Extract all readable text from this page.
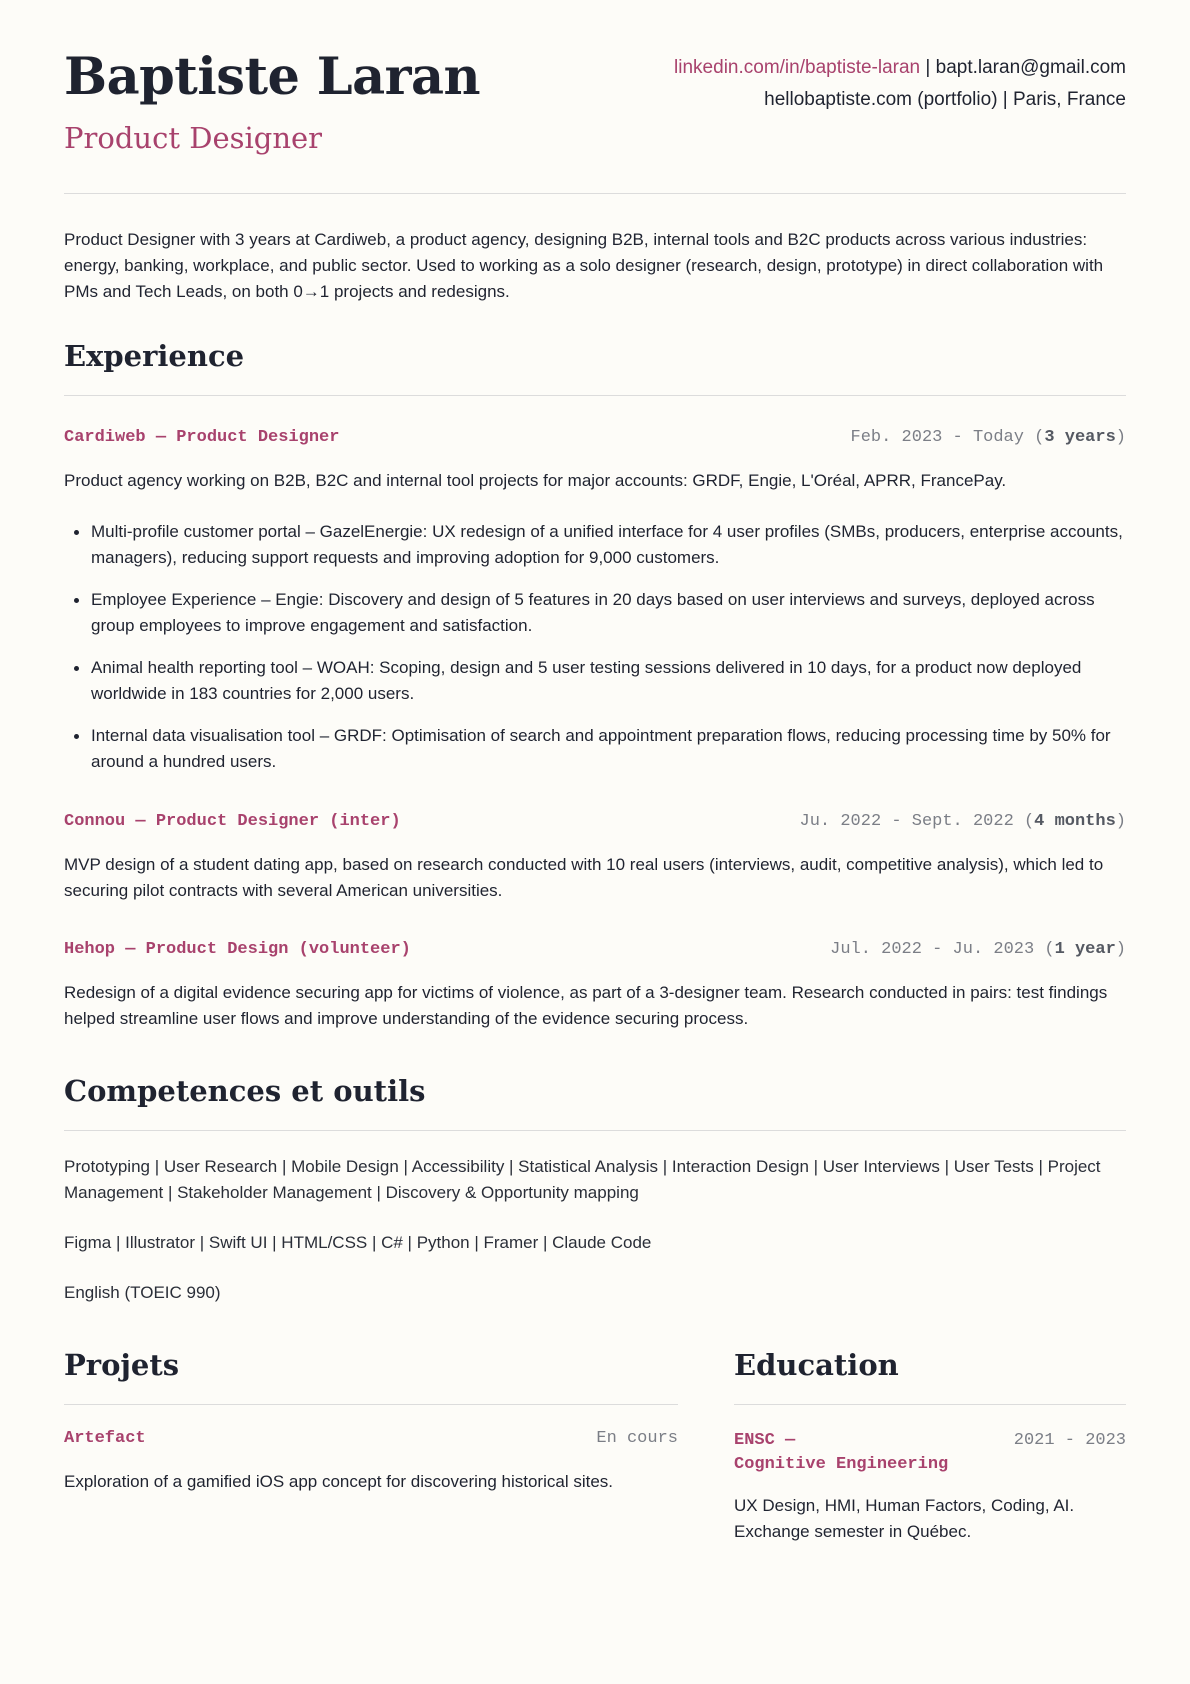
Baptiste Laran
Product Designer
linkedin.com/in/baptiste-laran | bapt.laran@gmail.com
hellobaptiste.com (portfolio) | Paris, France

Product Designer with 3 years at Cardiweb, a product agency, designing B2B, internal tools and B2C products across various industries: energy, banking, workplace, and public sector. Used to working as a solo designer (research, design, prototype) in direct collaboration with PMs and Tech Leads, on both 0→1 projects and redesigns.

Experience
Cardiweb — Product Designer	Feb. 2023 - Today (3 years)

Product agency working on B2B, B2C and internal tool projects for major accounts: GRDF, Engie, L'Oréal, APRR, FrancePay.

Multi-profile customer portal – GazelEnergie: UX redesign of a unified interface for 4 user profiles (SMBs, producers, enterprise accounts, managers), reducing support requests and improving adoption for 9,000 customers.
Employee Experience – Engie: Discovery and design of 5 features in 20 days based on user interviews and surveys, deployed across group employees to improve engagement and satisfaction.
Animal health reporting tool – WOAH: Scoping, design and 5 user testing sessions delivered in 10 days, for a product now deployed worldwide in 183 countries for 2,000 users.
Internal data visualisation tool – GRDF: Optimisation of search and appointment preparation flows, reducing processing time by 50% for around a hundred users.
Connou — Product Designer (inter)	Ju. 2022 - Sept. 2022 (4 months)

MVP design of a student dating app, based on research conducted with 10 real users (interviews, audit, competitive analysis), which led to securing pilot contracts with several American universities.

Hehop — Product Design (volunteer)	Jul. 2022 - Ju. 2023 (1 year)

Redesign of a digital evidence securing app for victims of violence, as part of a 3-designer team. Research conducted in pairs: test findings helped streamline user flows and improve understanding of the evidence securing process.

Competences et outils

Prototyping | User Research | Mobile Design | Accessibility | Statistical Analysis | Interaction Design | User Interviews | User Tests | Project Management | Stakeholder Management | Discovery & Opportunity mapping

Figma | Illustrator | Swift UI | HTML/CSS | C# | Python | Framer | Claude Code

English (TOEIC 990)

Projets
Artefact	En cours

Exploration of a gamified iOS app concept for discovering historical sites.

Education
ENSC —
Cognitive Engineering
2021 - 2023

UX Design, HMI, Human Factors, Coding, AI.

Exchange semester in Québec.
